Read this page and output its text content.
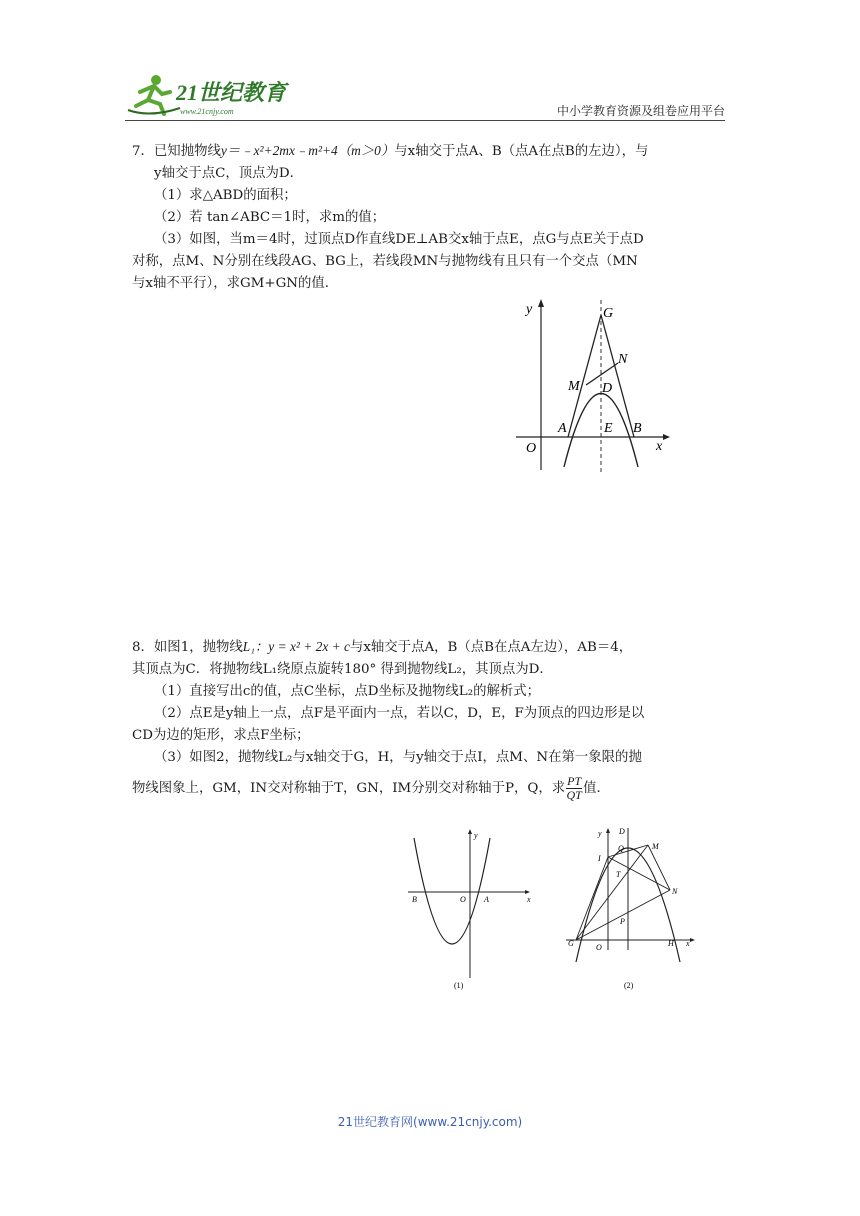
21世纪教育
www.21cnjy.com	中小学教育资源及组卷应用平台

7．已知抛物线y＝﹣x²+2mx﹣m²+4（m＞0）与x轴交于点A、B（点A在点B的左边），与

y轴交于点C，顶点为D．

（1）求△ABD的面积；

（2）若 tan∠ABC＝1时，求m的值；

（3）如图，当m＝4时，过顶点D作直线DE⊥AB交x轴于点E，点G与点E关于点D

对称，点M、N分别在线段AG、BG上，若线段MN与抛物线有且只有一个交点（MN

与x轴不平行），求GM+GN的值．

y
x
O
A	B
E
D
G
M
N

8．如图1，抛物线L₁：y = x² + 2x + c与x轴交于点A，B（点B在点A左边），AB＝4，

其顶点为C．将抛物线L₁绕原点旋转180° 得到抛物线L₂，其顶点为D．

（1）直接写出c的值，点C坐标，点D坐标及抛物线L₂的解析式；

（2）点E是y轴上一点，点F是平面内一点，若以C，D，E，F为顶点的四边形是以

CD为边的矩形，求点F坐标；

（3）如图2，抛物线L₂与x轴交于G，H，与y轴交于点I，点M、N在第一象限的抛

物线图象上，GM，IN交对称轴于T，GN，IM分别交对称轴于P，Q，求 $\frac{PT}{QT}$ 值．

y
x
O A
B
(1)
y
x
O
D
M
Q
I
T
N
P
G	H
(2)
21世纪教育网(www.21cnjy.com)
